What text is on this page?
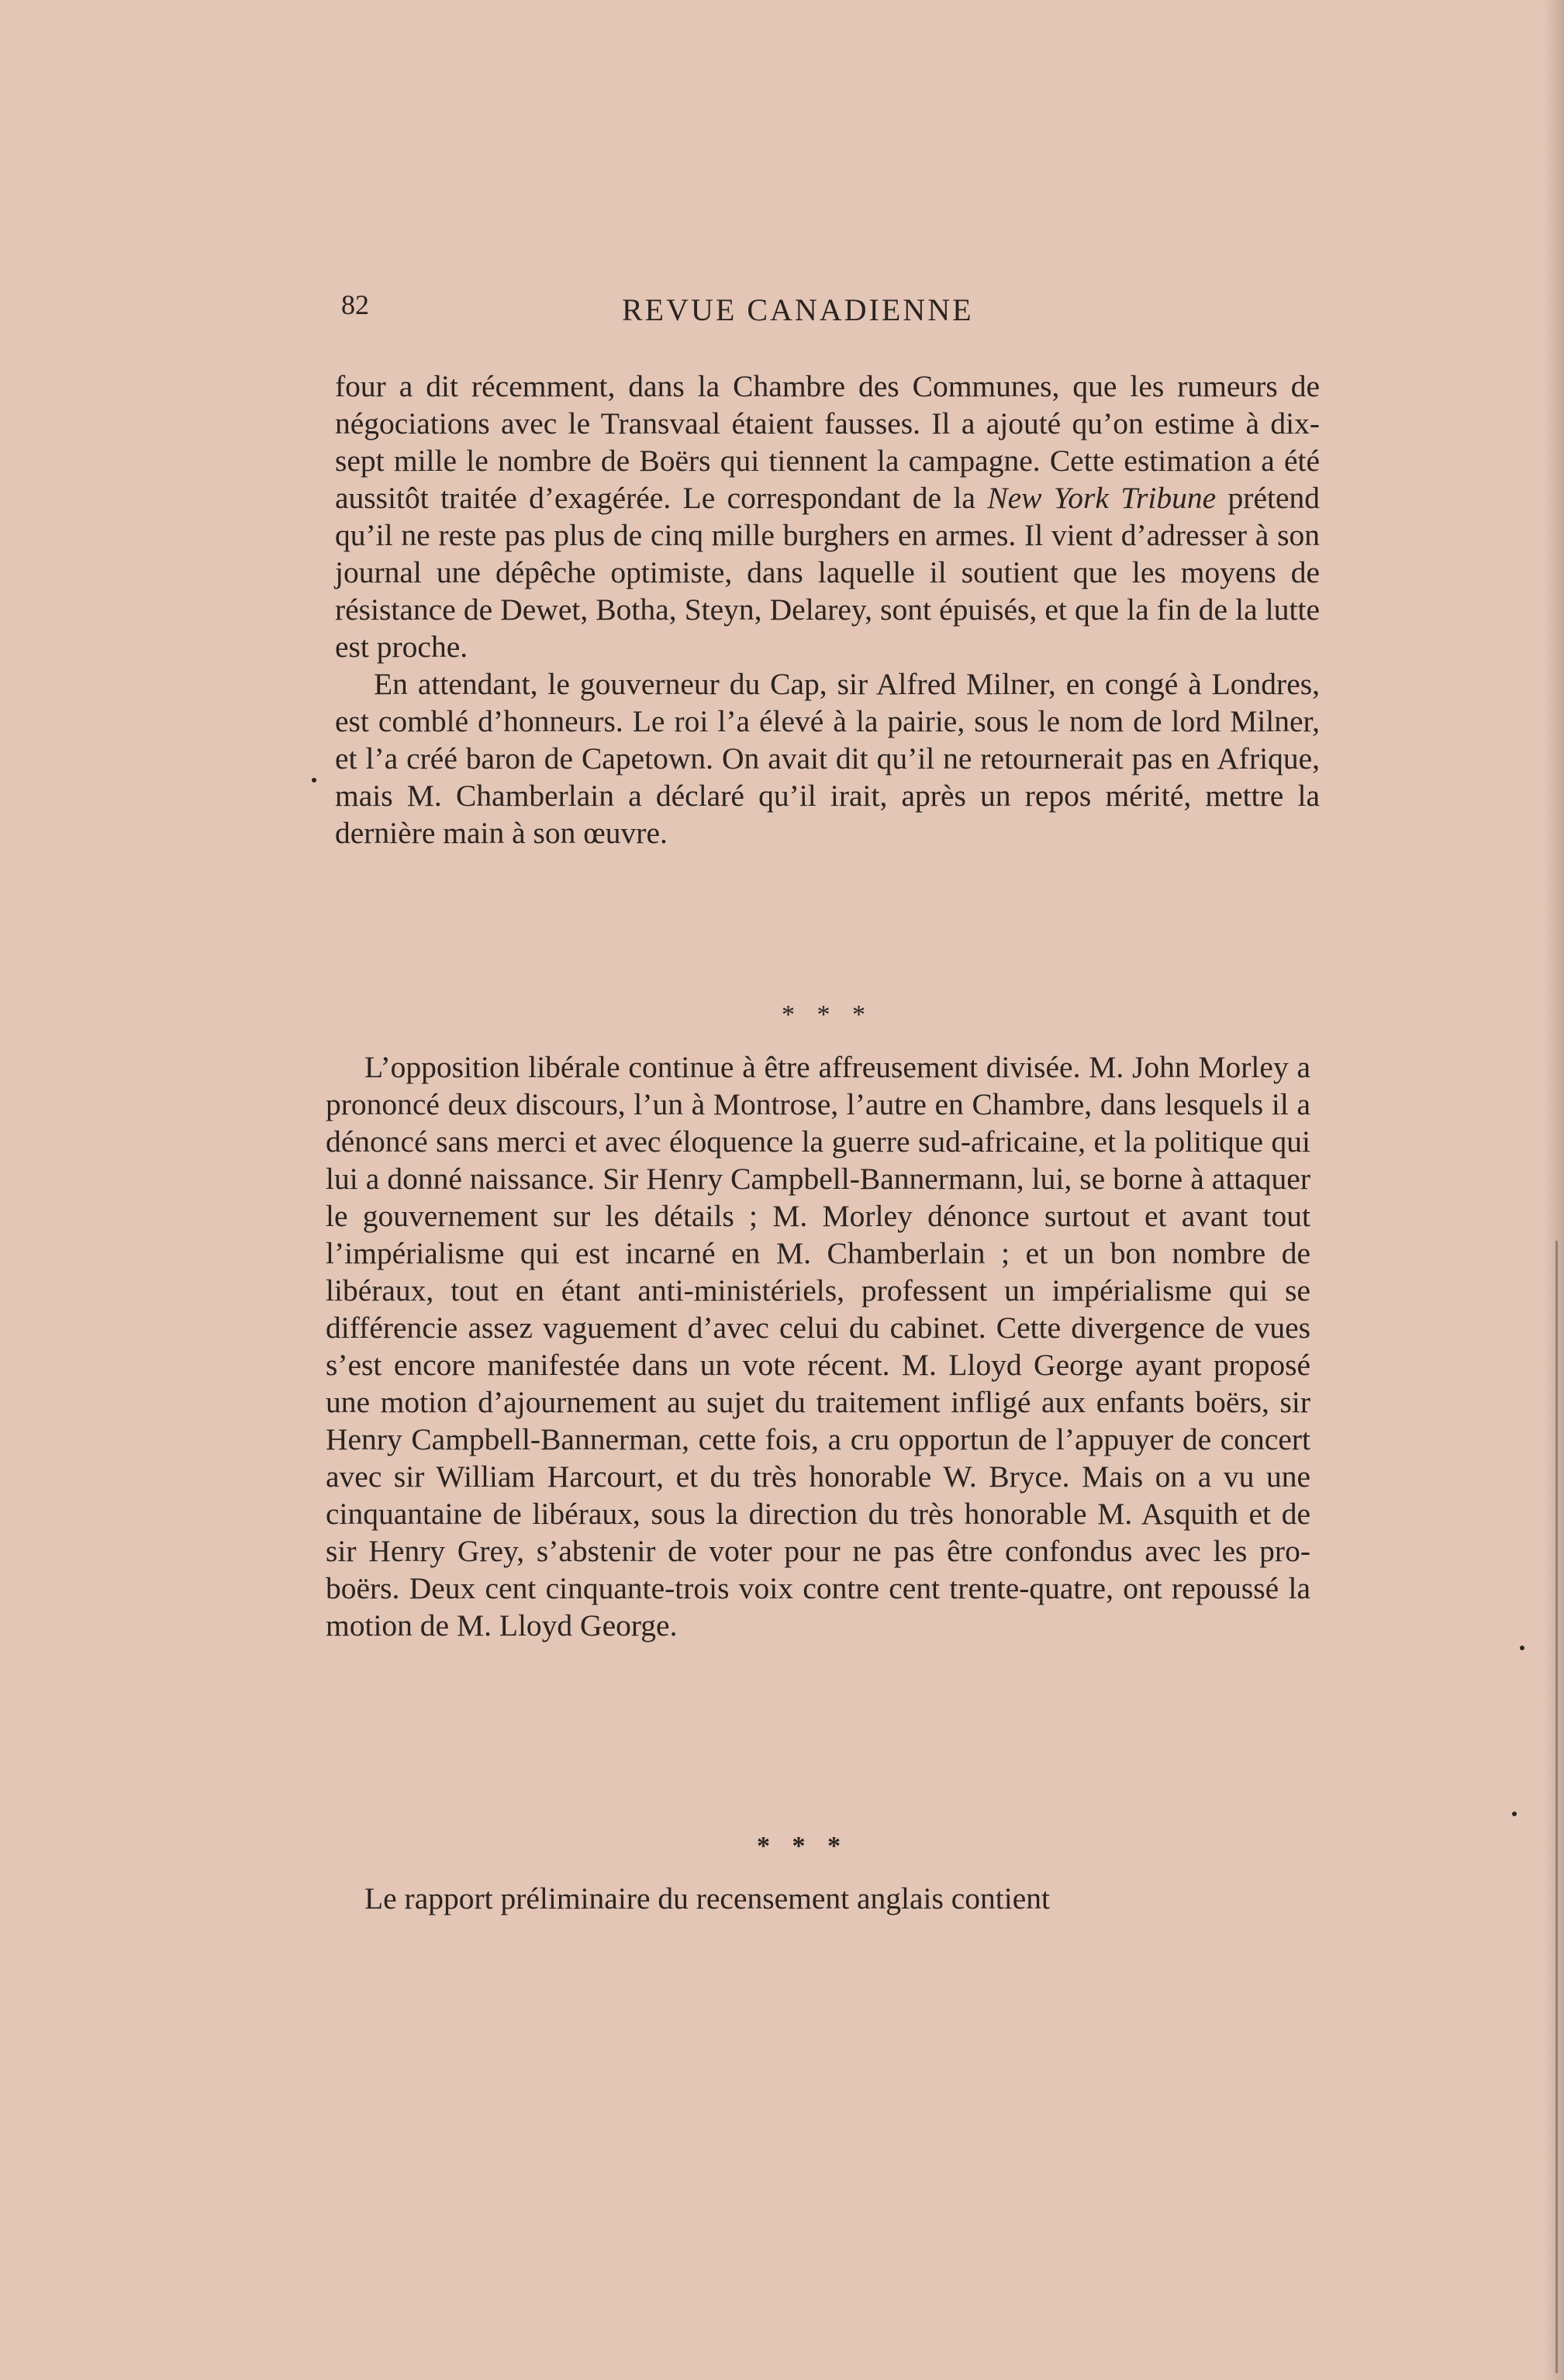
82	REVUE CANADIENNE

four a dit récemment, dans la Chambre des Communes, que les rumeurs de négociations avec le Transvaal étaient fausses. Il a ajouté qu’on estime à dix-sept mille le nombre de Boërs qui tiennent la campagne. Cette estimation a été aussitôt traitée d’exagérée. Le correspondant de la New York Tribune prétend qu’il ne reste pas plus de cinq mille burghers en armes. Il vient d’adresser à son journal une dépêche optimiste, dans laquelle il soutient que les moyens de résistance de Dewet, Botha, Steyn, Delarey, sont épuisés, et que la fin de la lutte est proche.

En attendant, le gouverneur du Cap, sir Alfred Milner, en congé à Londres, est comblé d’honneurs. Le roi l’a élevé à la pairie, sous le nom de lord Milner, et l’a créé baron de Capetown. On avait dit qu’il ne retournerait pas en Afrique, mais M. Chamberlain a déclaré qu’il irait, après un repos mérité, mettre la dernière main à son œuvre.

* * *

L’opposition libérale continue à être affreusement divisée. M. John Morley a prononcé deux discours, l’un à Montrose, l’autre en Chambre, dans lesquels il a dénoncé sans merci et avec éloquence la guerre sud-africaine, et la politique qui lui a donné naissance. Sir Henry Campbell-Bannermann, lui, se borne à attaquer le gouvernement sur les détails ; M. Morley dénonce surtout et avant tout l’impérialisme qui est incarné en M. Chamberlain ; et un bon nombre de libéraux, tout en étant anti-ministériels, professent un impérialisme qui se différencie assez vaguement d’avec celui du cabinet. Cette divergence de vues s’est encore manifestée dans un vote récent. M. Lloyd George ayant proposé une motion d’ajournement au sujet du traitement infligé aux enfants boërs, sir Henry Campbell-Bannerman, cette fois, a cru opportun de l’appuyer de concert avec sir William Harcourt, et du très honorable W. Bryce. Mais on a vu une cinquantaine de libéraux, sous la direction du très honorable M. Asquith et de sir Henry Grey, s’abstenir de voter pour ne pas être confondus avec les pro-boërs. Deux cent cinquante-trois voix contre cent trente-quatre, ont repoussé la motion de M. Lloyd George.

* * *

Le rapport préliminaire du recensement anglais contient
